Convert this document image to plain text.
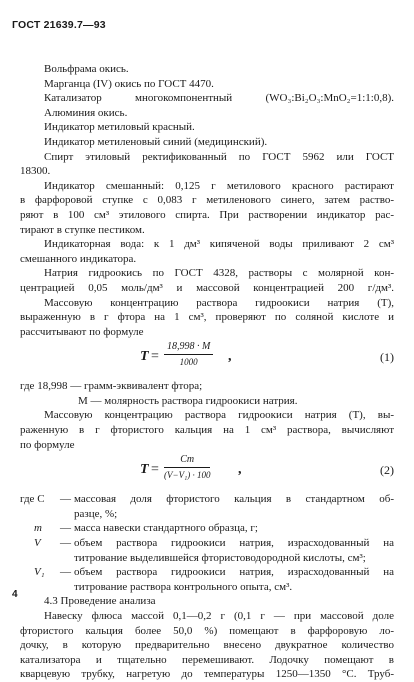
ГОСТ 21639.7—93
Вольфрама окись.
Марганца (IV) окись по ГОСТ 4470.
Катализатор многокомпонентный (WO₃:Bi₂O₃:MnO₂=1:1:0,8).
Алюминия окись.
Индикатор метиловый красный.
Индикатор метиленовый синий (медицинский).
Спирт этиловый ректификованный по ГОСТ 5962 или ГОСТ
18300.
Индикатор смешанный: 0,125 г метилового красного растирают
в фарфоровой ступке с 0,083 г метиленового синего, затем раство-
ряют в 100 см³ этилового спирта. При растворении индикатор рас-
тирают в ступке пестиком.
Индикаторная вода: к 1 дм³ кипяченой воды приливают 2 см³
смешанного индикатора.
Натрия гидроокись по ГОСТ 4328, растворы с молярной кон-
центрацией 0,05 моль/дм³ и массовой концентрацией 200 г/дм³.
Массовую концентрацию раствора гидроокиси натрия (T),
выраженную в г фтора на 1 см³, проверяют по соляной кислоте и
рассчитывают по формуле
$T = \frac{18,998 \cdot M}{1000}$ ,	(1)
где 18,998 — грамм-эквивалент фтора;
М — молярность раствора гидроокиси натрия.
Массовую концентрацию раствора гидроокиси натрия (Т), вы-
раженную в г фтористого кальция на 1 см³ раствора, вычисляют
по формуле
$T = \frac{Cm}{\text{(V−V₁) · 100}}$ ,	(2)
где C	— массовая доля фтористого кальция в стандартном об-
разце, %;
m	— масса навески стандартного образца, г;
V	— объем раствора гидроокиси натрия, израсходованный на
титрование выделившейся фтористоводородной кислоты, см³;
V₁	— объем раствора гидроокиси натрия, израсходованный на
титрование раствора контрольного опыта, см³.
4.3 Проведение анализа
Навеску флюса массой 0,1—0,2 г (0,1 г — при массовой доле
фтористого кальция более 50,0 %) помещают в фарфоровую ло-
дочку, в которую предварительно внесено двукратное количество
катализатора и тщательно перемешивают. Лодочку помещают в
кварцевую трубку, нагретую до температуры 1250—1350 °C. Труб-
4
